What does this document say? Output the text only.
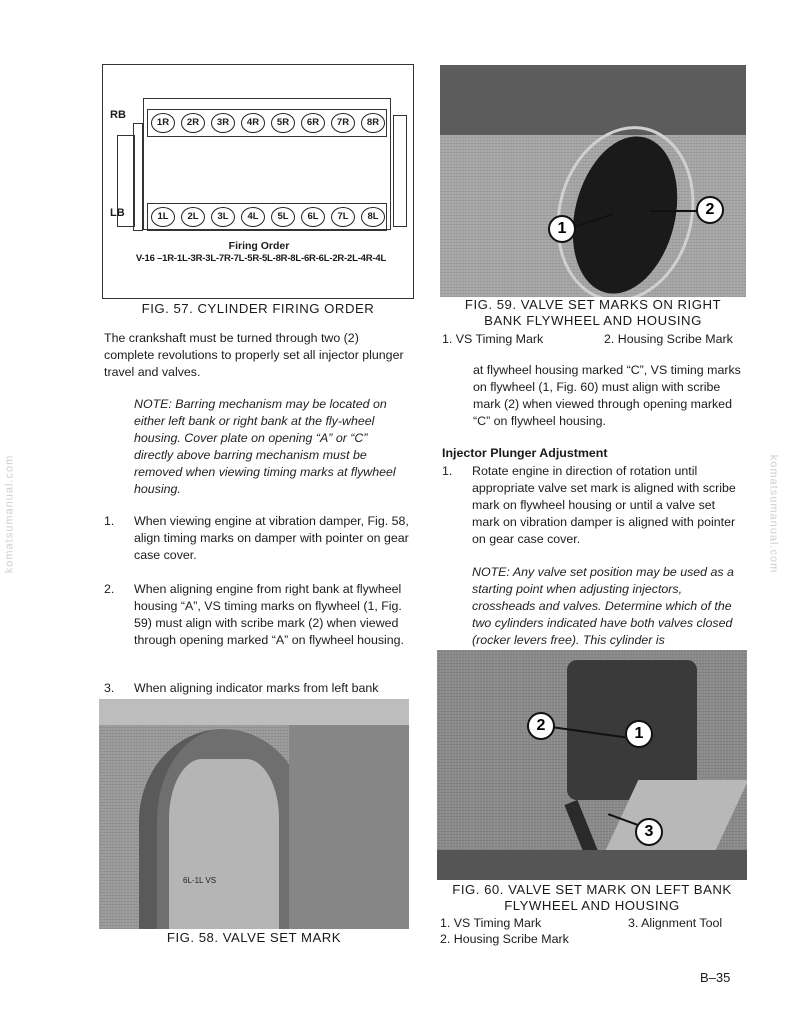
RB
LB
1R	2R	3R	4R	5R	6R	7R	8R
1L	2L	3L	4L	5L	6L	7L	8L
Firing Order
V-16 –1R-1L-3R-3L-7R-7L-5R-5L-8R-8L-6R-6L-2R-2L-4R-4L
FIG. 57. CYLINDER FIRING ORDER
The crankshaft must be turned through two (2) complete revolutions to properly set all injector plunger travel and valves.
NOTE: Barring mechanism may be located on either left bank or right bank at the fly-wheel housing. Cover plate on opening “A” or “C” directly above barring mechanism must be removed when viewing timing marks at flywheel housing.
1. When viewing engine at vibration damper, Fig. 58, align timing marks on damper with pointer on gear case cover.
2. When aligning engine from right bank at flywheel housing “A”, VS timing marks on flywheel (1, Fig. 59) must align with scribe mark (2) when viewed through opening marked “A” on flywheel housing.
3. When aligning indicator marks from left bank
6L-1L VS
FIG. 58. VALVE SET MARK
1
2
FIG. 59. VALVE SET MARKS ON RIGHT
BANK FLYWHEEL AND HOUSING
1. VS Timing Mark	2. Housing Scribe Mark
at flywheel housing marked “C”, VS timing marks on flywheel (1, Fig. 60) must align with scribe mark (2) when viewed through opening marked “C” on flywheel housing.
Injector Plunger Adjustment
1. Rotate engine in direction of rotation until appropriate valve set mark is aligned with scribe mark on flywheel housing or until a valve set mark on vibration damper is aligned with pointer on gear case cover.
NOTE: Any valve set position may be used as a starting point when adjusting injectors, crossheads and valves. Determine which of the two cylinders indicated have both valves closed (rocker levers free). This cylinder is
1
2
3
FIG. 60. VALVE SET MARK ON LEFT BANK
FLYWHEEL AND HOUSING
1. VS Timing Mark	3. Alignment Tool
2. Housing Scribe Mark
B–35
komatsumanual.com	komatsumanual.com
